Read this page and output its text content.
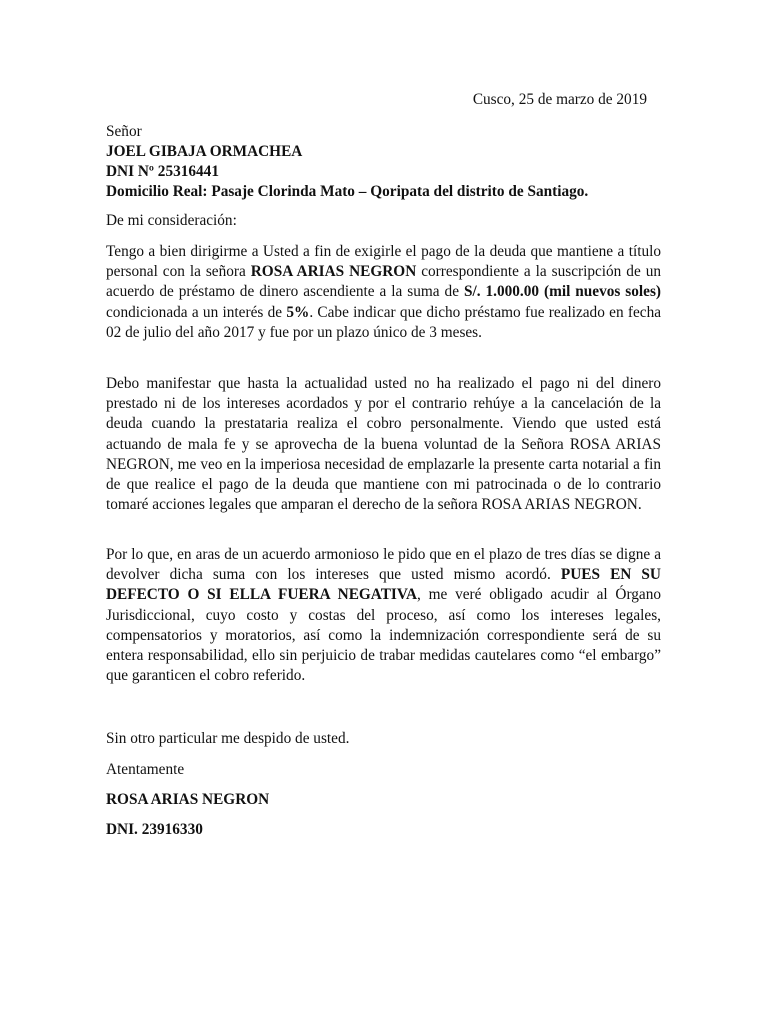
Cusco, 25 de marzo de 2019
Señor
JOEL GIBAJA ORMACHEA
DNI Nº 25316441
Domicilio Real: Pasaje Clorinda Mato – Qoripata del distrito de Santiago.
De mi consideración:

Tengo a bien dirigirme a Usted a fin de exigirle el pago de la deuda que mantiene a título personal con la señora ROSA ARIAS NEGRON correspondiente a la suscripción de un acuerdo de préstamo de dinero ascendiente a la suma de S/. 1.000.00 (mil nuevos soles) condicionada a un interés de 5%. Cabe indicar que dicho préstamo fue realizado en fecha 02 de julio del año 2017 y fue por un plazo único de 3 meses.

Debo manifestar que hasta la actualidad usted no ha realizado el pago ni del dinero prestado ni de los intereses acordados y por el contrario rehúye a la cancelación de la deuda cuando la prestataria realiza el cobro personalmente. Viendo que usted está actuando de mala fe y se aprovecha de la buena voluntad de la Señora ROSA ARIAS NEGRON, me veo en la imperiosa necesidad de emplazarle la presente carta notarial a fin de que realice el pago de la deuda que mantiene con mi patrocinada o de lo contrario tomaré acciones legales que amparan el derecho de la señora ROSA ARIAS NEGRON.

Por lo que, en aras de un acuerdo armonioso le pido que en el plazo de tres días se digne a devolver dicha suma con los intereses que usted mismo acordó. PUES EN SU DEFECTO O SI ELLA FUERA NEGATIVA, me veré obligado acudir al Órgano Jurisdiccional, cuyo costo y costas del proceso, así como los intereses legales, compensatorios y moratorios, así como la indemnización correspondiente será de su entera responsabilidad, ello sin perjuicio de trabar medidas cautelares como “el embargo” que garanticen el cobro referido.

Sin otro particular me despido de usted.
Atentamente
ROSA ARIAS NEGRON
DNI. 23916330
